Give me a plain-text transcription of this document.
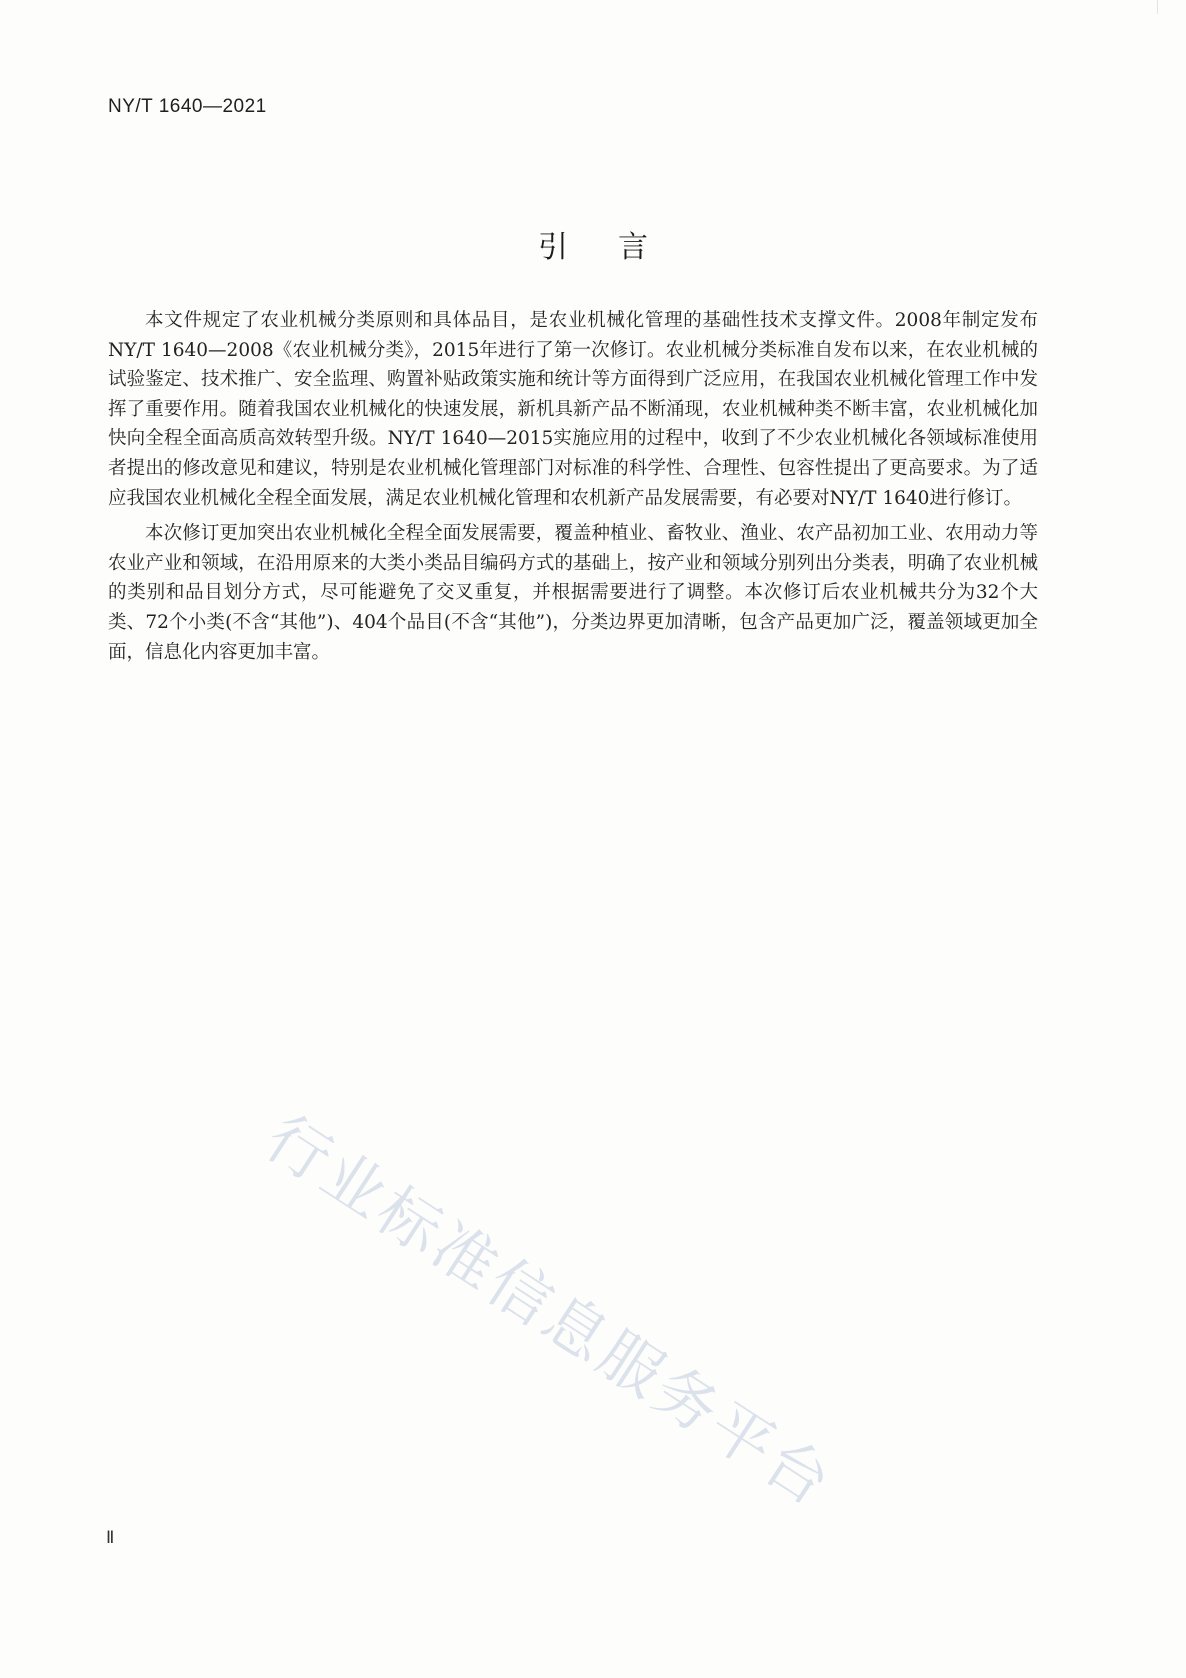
NY/T 1640—2021
引言

本文件规定了农业机械分类原则和具体品目，是农业机械化管理的基础性技术支撑文件。2008年制定发布NY/T 1640—2008《农业机械分类》，2015年进行了第一次修订。农业机械分类标准自发布以来，在农业机械的试验鉴定、技术推广、安全监理、购置补贴政策实施和统计等方面得到广泛应用，在我国农业机械化管理工作中发挥了重要作用。随着我国农业机械化的快速发展，新机具新产品不断涌现，农业机械种类不断丰富，农业机械化加快向全程全面高质高效转型升级。NY/T 1640—2015实施应用的过程中，收到了不少农业机械化各领域标准使用者提出的修改意见和建议，特别是农业机械化管理部门对标准的科学性、合理性、包容性提出了更高要求。为了适应我国农业机械化全程全面发展，满足农业机械化管理和农机新产品发展需要，有必要对NY/T 1640进行修订。

本次修订更加突出农业机械化全程全面发展需要，覆盖种植业、畜牧业、渔业、农产品初加工业、农用动力等农业产业和领域，在沿用原来的大类小类品目编码方式的基础上，按产业和领域分别列出分类表，明确了农业机械的类别和品目划分方式，尽可能避免了交叉重复，并根据需要进行了调整。本次修订后农业机械共分为32个大类、72个小类(不含“其他”)、404个品目(不含“其他”)，分类边界更加清晰，包含产品更加广泛，覆盖领域更加全面，信息化内容更加丰富。

行业标准信息服务平台
Ⅱ
